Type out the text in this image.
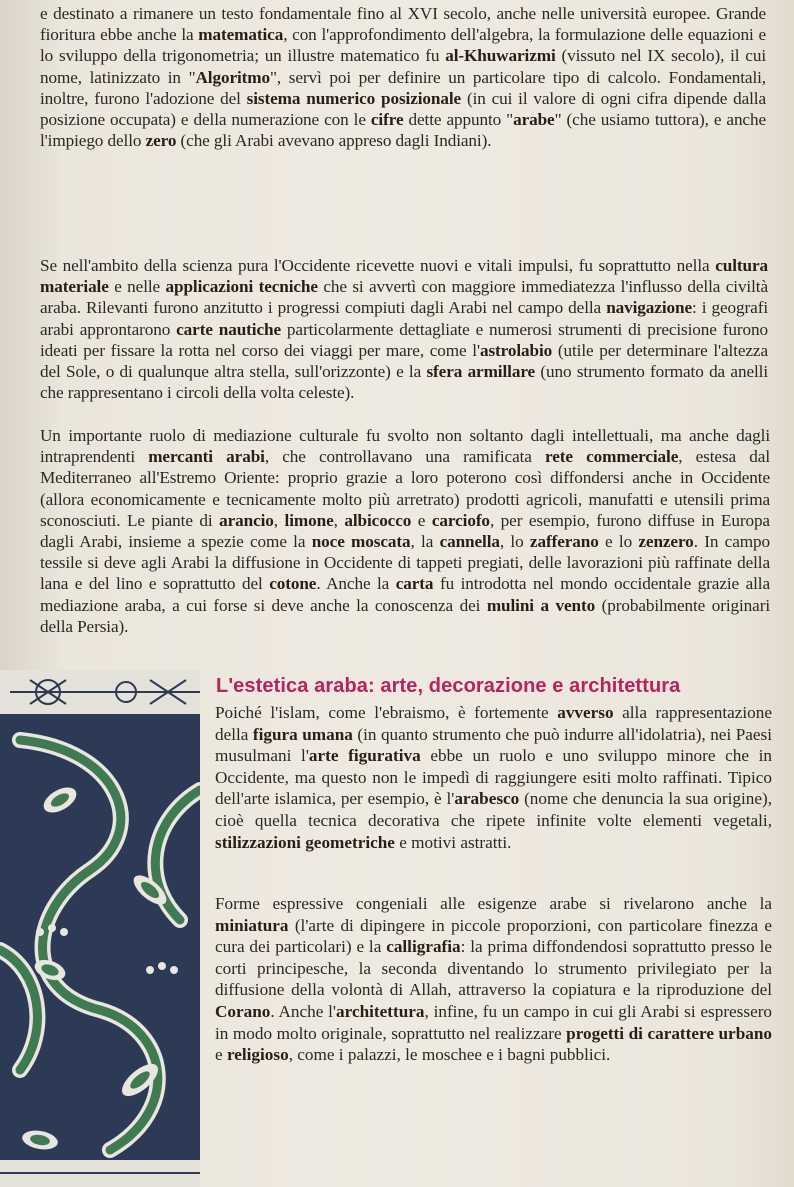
e destinato a rimanere un testo fondamentale fino al XVI secolo, anche nelle università europee. Grande fioritura ebbe anche la matematica, con l'approfondimento dell'algebra, la formulazione delle equazioni e lo sviluppo della trigonometria; un illustre matematico fu al-Khuwarizmi (vissuto nel IX secolo), il cui nome, latinizzato in "Algoritmo", servì poi per definire un particolare tipo di calcolo. Fondamentali, inoltre, furono l'adozione del sistema numerico posizionale (in cui il valore di ogni cifra dipende dalla posizione occupata) e della numerazione con le cifre dette appunto "arabe" (che usiamo tuttora), e anche l'impiego dello zero (che gli Arabi avevano appreso dagli Indiani).

Se nell'ambito della scienza pura l'Occidente ricevette nuovi e vitali impulsi, fu soprattutto nella cultura materiale e nelle applicazioni tecniche che si avvertì con maggiore immediatezza l'influsso della civiltà araba. Rilevanti furono anzitutto i progressi compiuti dagli Arabi nel campo della navigazione: i geografi arabi approntarono carte nautiche particolarmente dettagliate e numerosi strumenti di precisione furono ideati per fissare la rotta nel corso dei viaggi per mare, come l'astrolabio (utile per determinare l'altezza del Sole, o di qualunque altra stella, sull'orizzonte) e la sfera armillare (uno strumento formato da anelli che rappresentano i circoli della volta celeste).

Un importante ruolo di mediazione culturale fu svolto non soltanto dagli intellettuali, ma anche dagli intraprendenti mercanti arabi, che controllavano una ramificata rete commerciale, estesa dal Mediterraneo all'Estremo Oriente: proprio grazie a loro poterono così diffondersi anche in Occidente (allora economicamente e tecnicamente molto più arretrato) prodotti agricoli, manufatti e utensili prima sconosciuti. Le piante di arancio, limone, albicocco e carciofo, per esempio, furono diffuse in Europa dagli Arabi, insieme a spezie come la noce moscata, la cannella, lo zafferano e lo zenzero. In campo tessile si deve agli Arabi la diffusione in Occidente di tappeti pregiati, delle lavorazioni più raffinate della lana e del lino e soprattutto del cotone. Anche la carta fu introdotta nel mondo occidentale grazie alla mediazione araba, a cui forse si deve anche la conoscenza dei mulini a vento (probabilmente originari della Persia).

L'estetica araba: arte, decorazione e architettura

Poiché l'islam, come l'ebraismo, è fortemente avverso alla rappresentazione della figura umana (in quanto strumento che può indurre all'idolatria), nei Paesi musulmani l'arte figurativa ebbe un ruolo e uno sviluppo minore che in Occidente, ma questo non le impedì di raggiungere esiti molto raffinati. Tipico dell'arte islamica, per esempio, è l'arabesco (nome che denuncia la sua origine), cioè quella tecnica decorativa che ripete infinite volte elementi vegetali, stilizzazioni geometriche e motivi astratti.

Forme espressive congeniali alle esigenze arabe si rivelarono anche la miniatura (l'arte di dipingere in piccole proporzioni, con particolare finezza e cura dei particolari) e la calligrafia: la prima diffondendosi soprattutto presso le corti principesche, la seconda diventando lo strumento privilegiato per la diffusione della volontà di Allah, attraverso la copiatura e la riproduzione del Corano. Anche l'architettura, infine, fu un campo in cui gli Arabi si espressero in modo molto originale, soprattutto nel realizzare progetti di carattere urbano e religioso, come i palazzi, le moschee e i bagni pubblici.
